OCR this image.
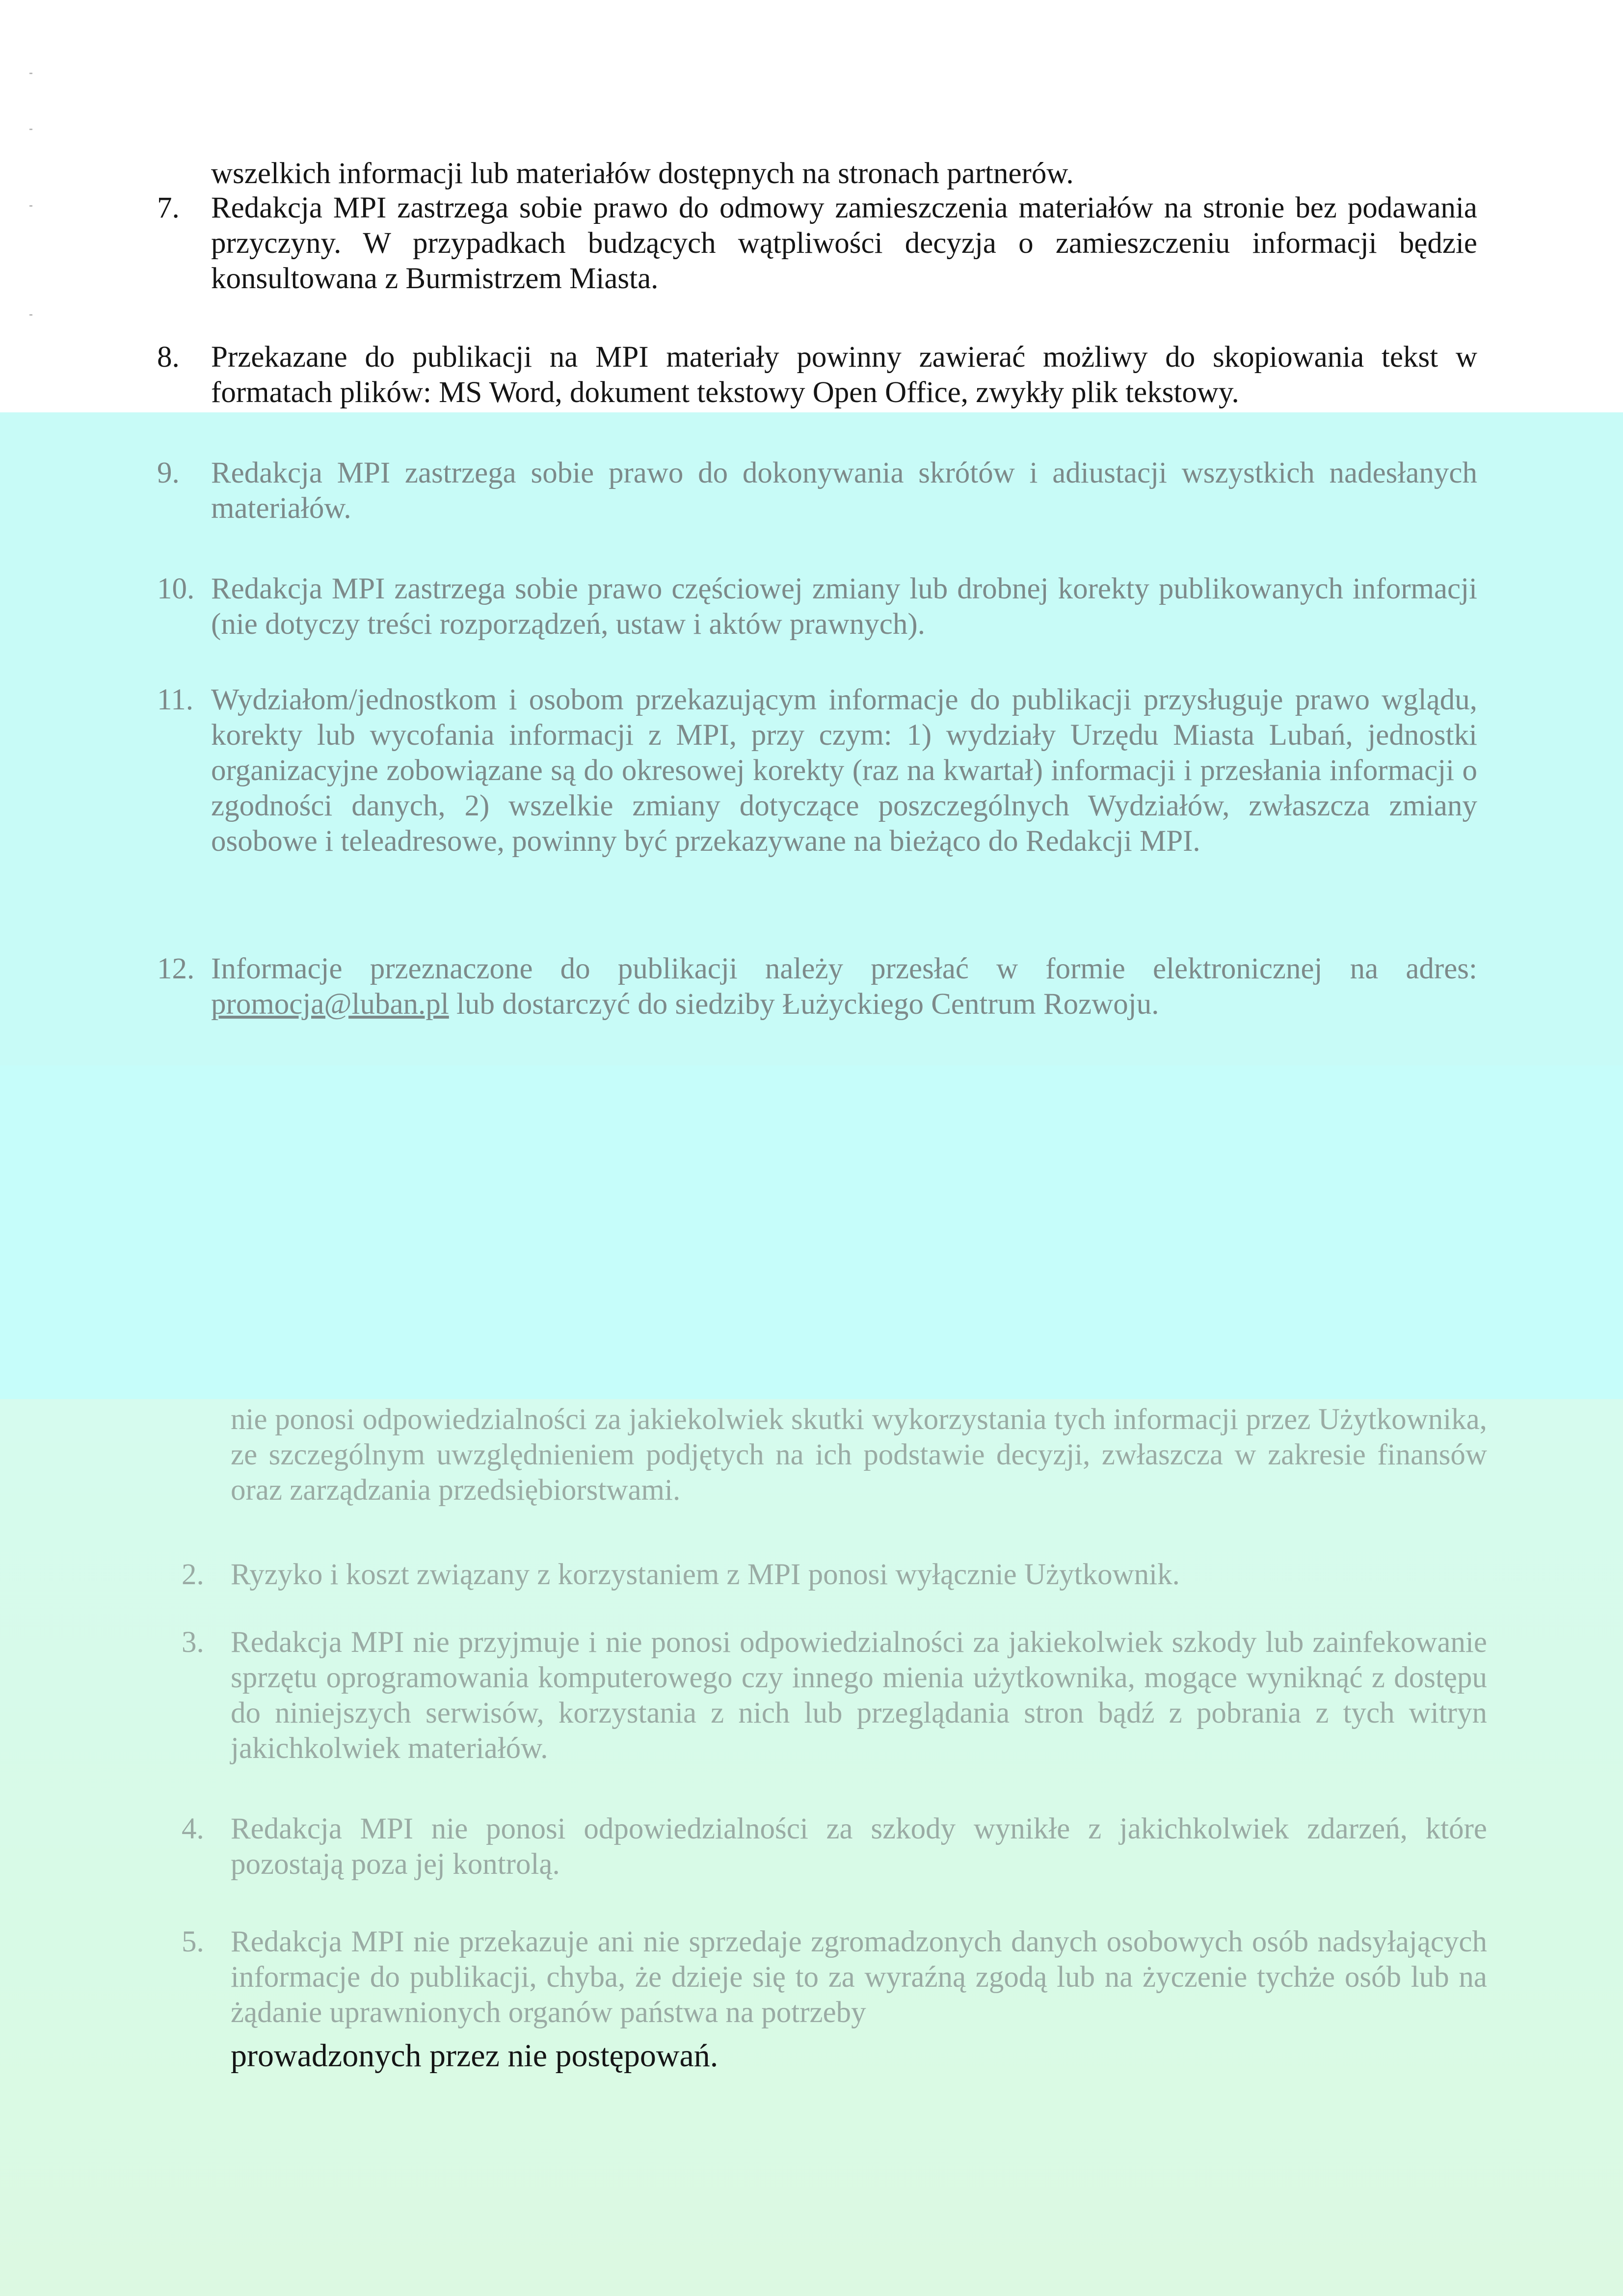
wszelkich informacji lub materiałów dostępnych na stronach partnerów.
7.	Redakcja MPI zastrzega sobie prawo do odmowy zamieszczenia materiałów na stronie bez podawania przyczyny. W przypadkach budzących wątpliwości decyzja o zamieszczeniu informacji będzie konsultowana z Burmistrzem Miasta.
8.	Przekazane do publikacji na MPI materiały powinny zawierać możliwy do skopiowania tekst w formatach plików: MS Word, dokument tekstowy Open Office, zwykły plik tekstowy.
9.	Redakcja MPI zastrzega sobie prawo do dokonywania skrótów i adiustacji wszystkich nadesłanych materiałów.
10. Redakcja MPI zastrzega sobie prawo częściowej zmiany lub drobnej korekty publikowanych informacji (nie dotyczy treści rozporządzeń, ustaw i aktów prawnych).
11. Wydziałom/jednostkom i osobom przekazującym informacje do publikacji przysługuje prawo wglądu, korekty lub wycofania informacji z MPI, przy czym: 1) wydziały Urzędu Miasta Lubań, jednostki organizacyjne zobowiązane są do okresowej korekty (raz na kwartał) informacji i przesłania informacji o zgodności danych, 2) wszelkie zmiany dotyczące poszczególnych Wydziałów, zwłaszcza zmiany osobowe i teleadresowe, powinny być przekazywane na bieżąco do Redakcji MPI.
12. Informacje przeznaczone do publikacji należy przesłać w formie elektronicznej na adres: promocja@luban.pl lub dostarczyć do siedziby Łużyckiego Centrum Rozwoju.
nie ponosi odpowiedzialności za jakiekolwiek skutki wykorzystania tych informacji przez Użytkownika, ze szczególnym uwzględnieniem podjętych na ich podstawie decyzji, zwłaszcza w zakresie finansów oraz zarządzania przedsiębiorstwami.
2. Ryzyko i koszt związany z korzystaniem z MPI ponosi wyłącznie Użytkownik.
3. Redakcja MPI nie przyjmuje i nie ponosi odpowiedzialności za jakiekolwiek szkody lub zainfekowanie sprzętu oprogramowania komputerowego czy innego mienia użytkownika, mogące wyniknąć z dostępu do niniejszych serwisów, korzystania z nich lub przeglądania stron bądź z pobrania z tych witryn jakichkolwiek materiałów.
4. Redakcja MPI nie ponosi odpowiedzialności za szkody wynikłe z jakichkolwiek zdarzeń, które pozostają poza jej kontrolą.
5. Redakcja MPI nie przekazuje ani nie sprzedaje zgromadzonych danych osobowych osób nadsyłających informacje do publikacji, chyba, że dzieje się to za wyraźną zgodą lub na życzenie tychże osób lub na żądanie uprawnionych organów państwa na potrzeby
prowadzonych przez nie postępowań.
